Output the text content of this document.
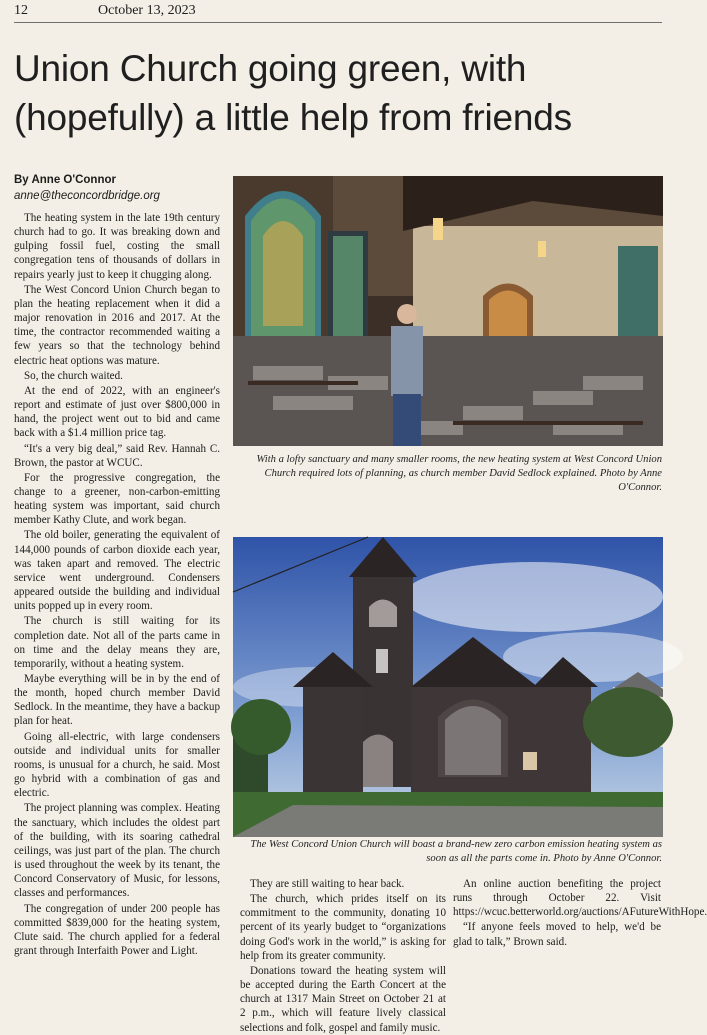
12	October 13, 2023
Union Church going green, with (hopefully) a little help from friends
By Anne O'Connor
anne@theconcordbridge.org

The heating system in the late 19th century church had to go. It was breaking down and gulping fossil fuel, costing the small congregation tens of thousands of dollars in repairs yearly just to keep it chugging along.

The West Concord Union Church began to plan the heating replacement when it did a major renovation in 2016 and 2017. At the time, the contractor recommended waiting a few years so that the technology behind electric heat options was mature.

So, the church waited.

At the end of 2022, with an engineer's report and estimate of just over $800,000 in hand, the project went out to bid and came back with a $1.4 million price tag.

“It's a very big deal,” said Rev. Hannah C. Brown, the pastor at WCUC.

For the progressive congregation, the change to a greener, non-carbon-emitting heating system was important, said church member Kathy Clute, and work began.

The old boiler, generating the equivalent of 144,000 pounds of carbon dioxide each year, was taken apart and removed. The electric service went underground. Condensers appeared outside the building and individual units popped up in every room.

The church is still waiting for its completion date. Not all of the parts came in on time and the delay means they are, temporarily, without a heating system.

Maybe everything will be in by the end of the month, hoped church member David Sedlock. In the meantime, they have a backup plan for heat.

Going all-electric, with large condensers outside and individual units for smaller rooms, is unusual for a church, he said. Most go hybrid with a combination of gas and electric.

The project planning was complex. Heating the sanctuary, which includes the oldest part of the building, with its soaring cathedral ceilings, was just part of the plan. The church is used throughout the week by its tenant, the Concord Conservatory of Music, for lessons, classes and performances.

The congregation of under 200 people has committed $839,000 for the heating system, Clute said. The church applied for a federal grant through Interfaith Power and Light.

With a lofty sanctuary and many smaller rooms, the new heating system at West Concord Union Church required lots of planning, as church member David Sedlock explained. Photo by Anne O'Connor.
The West Concord Union Church will boast a brand-new zero carbon emission heating system as soon as all the parts come in. Photo by Anne O'Connor.

They are still waiting to hear back.

The church, which prides itself on its commitment to the community, donating 10 percent of its yearly budget to “organizations doing God's work in the world,” is asking for help from its greater community.

Donations toward the heating system will be accepted during the Earth Concert at the church at 1317 Main Street on October 21 at 2 p.m., which will feature lively classical selections and folk, gospel and family music.

An online auction benefiting the project runs through October 22. Visit https://wcuc.betterworld.org/auctions/AFutureWithHope.

“If anyone feels moved to help, we'd be glad to talk,” Brown said.
